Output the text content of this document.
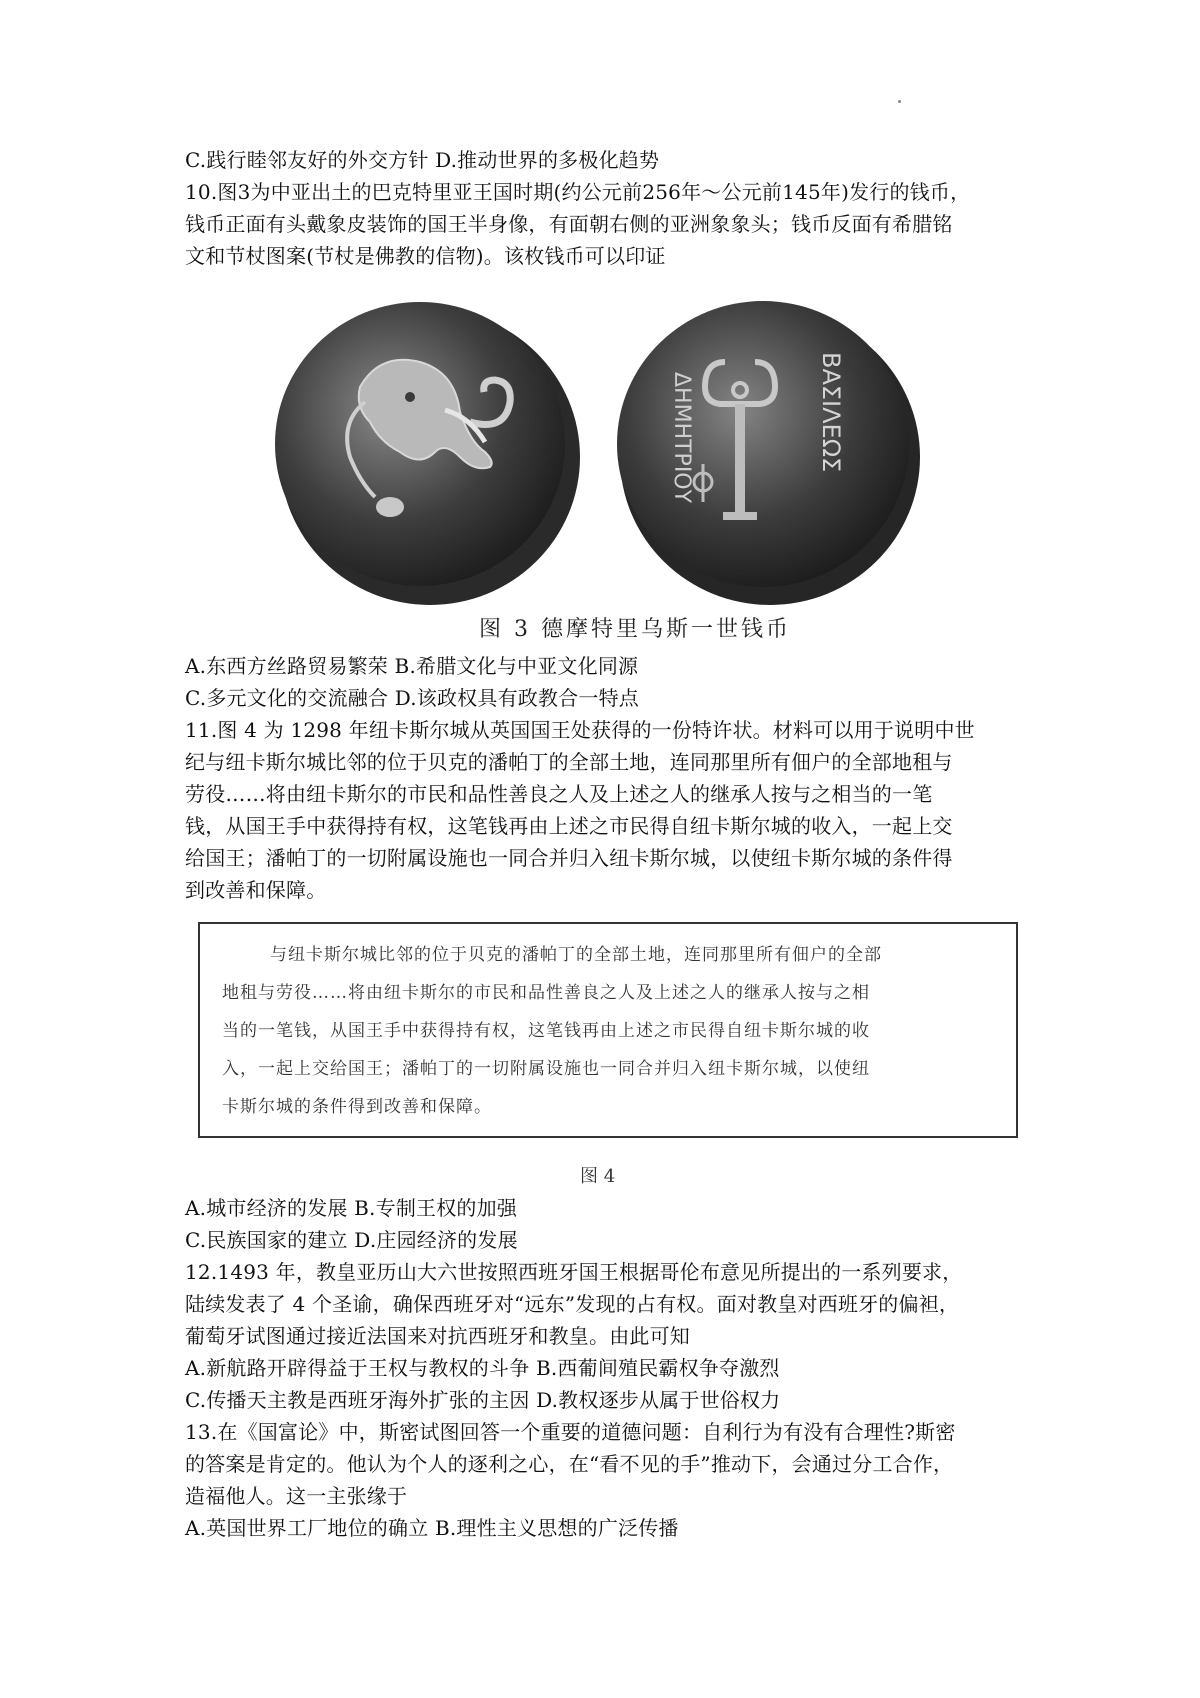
C.践行睦邻友好的外交方针 D.推动世界的多极化趋势
10.图3为中亚出土的巴克特里亚王国时期(约公元前256年～公元前145年)发行的钱币，
钱币正面有头戴象皮装饰的国王半身像，有面朝右侧的亚洲象象头；钱币反面有希腊铭
文和节杖图案(节杖是佛教的信物)。该枚钱币可以印证
ΔΗΜΗΤΡΙΟΥ	ΒΑΣΙΛΕΩΣ
图 3 德摩特里乌斯一世钱币
A.东西方丝路贸易繁荣 B.希腊文化与中亚文化同源
C.多元文化的交流融合 D.该政权具有政教合一特点
11.图 4 为 1298 年纽卡斯尔城从英国国王处获得的一份特许状。材料可以用于说明中世
纪与纽卡斯尔城比邻的位于贝克的潘帕丁的全部土地，连同那里所有佃户的全部地租与
劳役……将由纽卡斯尔的市民和品性善良之人及上述之人的继承人按与之相当的一笔
钱，从国王手中获得持有权，这笔钱再由上述之市民得自纽卡斯尔城的收入，一起上交
给国王；潘帕丁的一切附属设施也一同合并归入纽卡斯尔城，以使纽卡斯尔城的条件得
到改善和保障。
与纽卡斯尔城比邻的位于贝克的潘帕丁的全部土地，连同那里所有佃户的全部
地租与劳役……将由纽卡斯尔的市民和品性善良之人及上述之人的继承人按与之相
当的一笔钱，从国王手中获得持有权，这笔钱再由上述之市民得自纽卡斯尔城的收
入，一起上交给国王；潘帕丁的一切附属设施也一同合并归入纽卡斯尔城，以使纽
卡斯尔城的条件得到改善和保障。
图 4
A.城市经济的发展 B.专制王权的加强
C.民族国家的建立 D.庄园经济的发展
12.1493 年，教皇亚历山大六世按照西班牙国王根据哥伦布意见所提出的一系列要求，
陆续发表了 4 个圣谕，确保西班牙对“远东”发现的占有权。面对教皇对西班牙的偏袒，
葡萄牙试图通过接近法国来对抗西班牙和教皇。由此可知
A.新航路开辟得益于王权与教权的斗争 B.西葡间殖民霸权争夺激烈
C.传播天主教是西班牙海外扩张的主因 D.教权逐步从属于世俗权力
13.在《国富论》中，斯密试图回答一个重要的道德问题：自利行为有没有合理性?斯密
的答案是肯定的。他认为个人的逐利之心，在“看不见的手”推动下，会通过分工合作，
造福他人。这一主张缘于
A.英国世界工厂地位的确立 B.理性主义思想的广泛传播
